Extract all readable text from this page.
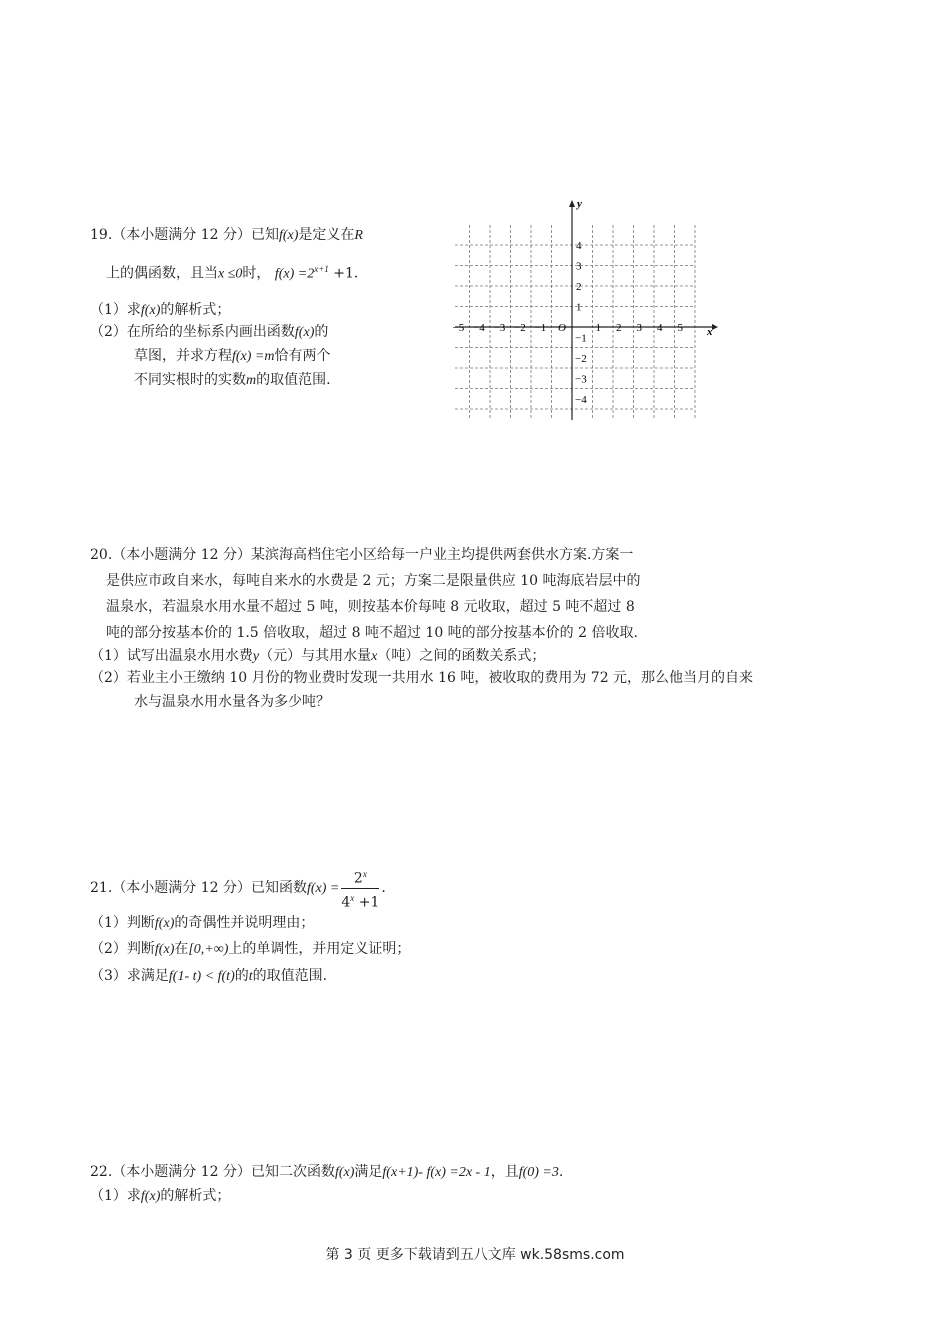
19.（本小题满分 12 分）已知f(x)是定义在R
上的偶函数，且当x ≤0时， $f(x) =2^{x+1} +1$.
（1）求f(x)的解析式；
（2）在所给的坐标系内画出函数f(x)的
草图，并求方程f(x) =m恰有两个
不同实根时的实数m的取值范围.
x
y
−5 −4 −3 −2 −1 O	1 2 3 4 5
4
3
2
1
−1
−2
−3
−4
20.（本小题满分 12 分）某滨海高档住宅小区给每一户业主均提供两套供水方案.方案一
是供应市政自来水，每吨自来水的水费是 2 元；方案二是限量供应 10 吨海底岩层中的
温泉水，若温泉水用水量不超过 5 吨，则按基本价每吨 8 元收取，超过 5 吨不超过 8
吨的部分按基本价的 1.5 倍收取，超过 8 吨不超过 10 吨的部分按基本价的 2 倍收取.
（1）试写出温泉水用水费y（元）与其用水量x（吨）之间的函数关系式；
（2）若业主小王缴纳 10 月份的物业费时发现一共用水 16 吨，被收取的费用为 72 元，那么他当月的自来
水与温泉水用水量各为多少吨？
21.（本小题满分 12 分）已知函数$f(x) = \frac{2^x}{4^x +1}$ .
（1）判断f(x)的奇偶性并说明理由；
（2）判断f(x)在[0,+∞)上的单调性，并用定义证明；
（3）求满足f(1- t) < f(t)的t的取值范围.
22.（本小题满分 12 分）已知二次函数f(x)满足f(x+1)- f(x) =2x - 1，且f(0) =3.
（1）求f(x)的解析式；
第 3 页 更多下载请到五八文库 wk.58sms.com
